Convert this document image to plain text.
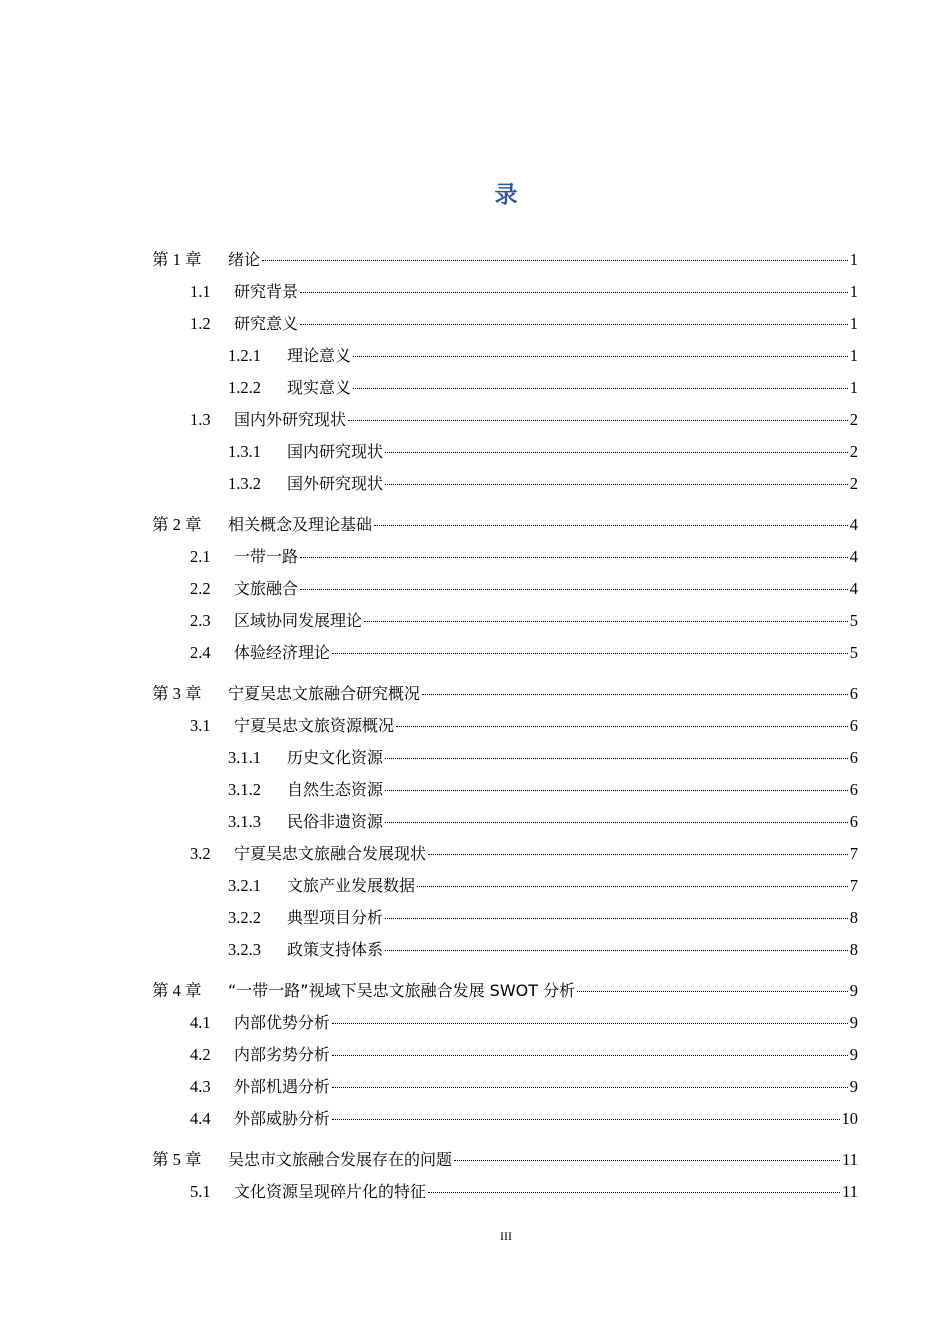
录
第 1 章	绪论	1
1.1	研究背景	1
1.2	研究意义	1
1.2.1	理论意义	1
1.2.2	现实意义	1
1.3	国内外研究现状	2
1.3.1	国内研究现状	2
1.3.2	国外研究现状	2
第 2 章	相关概念及理论基础	4
2.1	一带一路	4
2.2	文旅融合	4
2.3	区域协同发展理论	5
2.4	体验经济理论	5
第 3 章	宁夏吴忠文旅融合研究概况	6
3.1	宁夏吴忠文旅资源概况	6
3.1.1	历史文化资源	6
3.1.2	自然生态资源	6
3.1.3	民俗非遗资源	6
3.2	宁夏吴忠文旅融合发展现状	7
3.2.1	文旅产业发展数据	7
3.2.2	典型项目分析	8
3.2.3	政策支持体系	8
第 4 章	“一带一路”视域下吴忠文旅融合发展 SWOT 分析	9
4.1	内部优势分析	9
4.2	内部劣势分析	9
4.3	外部机遇分析	9
4.4	外部威胁分析	10
第 5 章	吴忠市文旅融合发展存在的问题	11
5.1	文化资源呈现碎片化的特征	11
III
